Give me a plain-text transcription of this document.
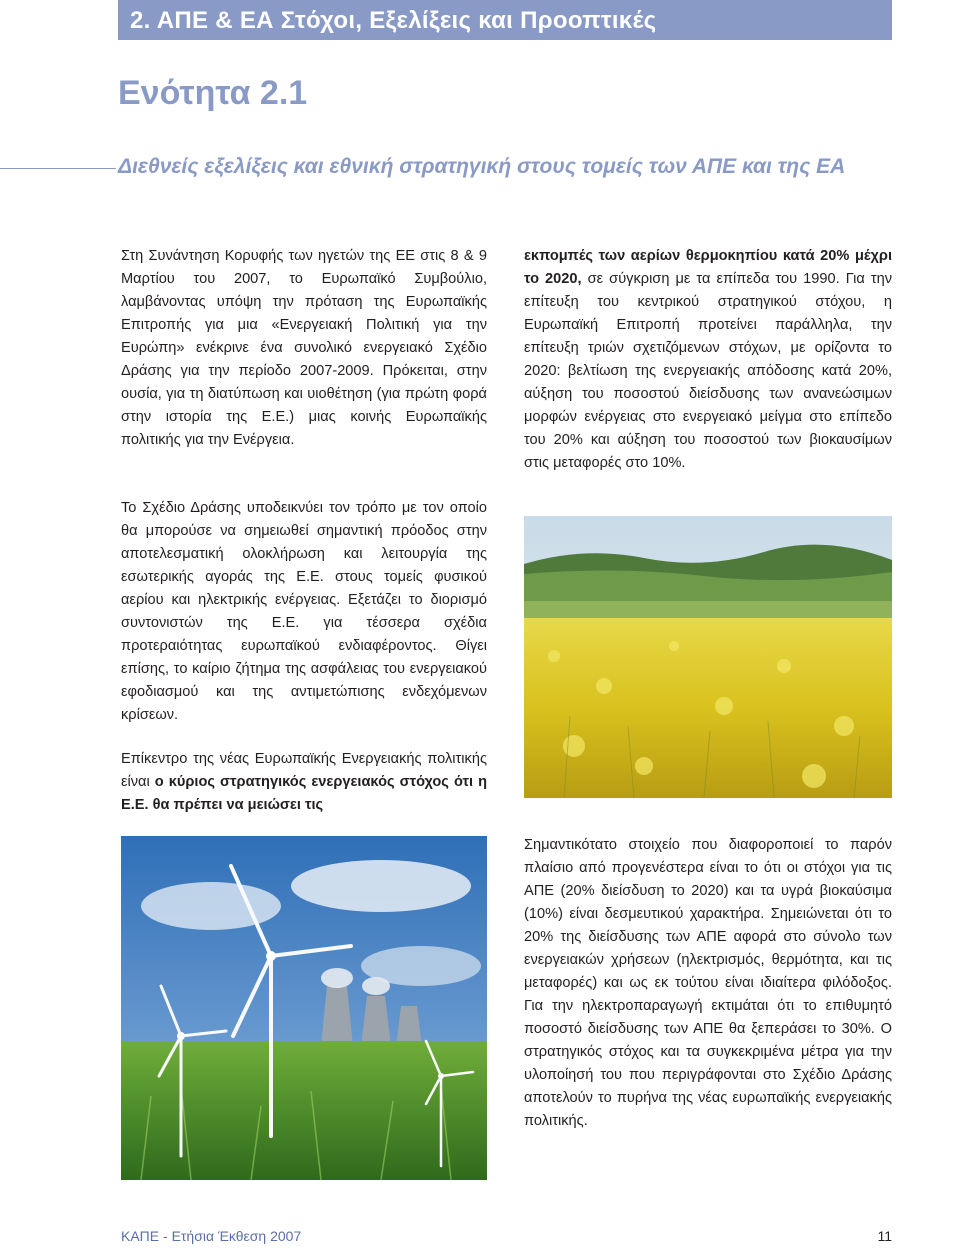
2. ΑΠΕ & ΕΑ Στόχοι, Εξελίξεις και Προοπτικές
Ενότητα 2.1
Διεθνείς εξελίξεις και εθνική στρατηγική στους τομείς των ΑΠΕ και της ΕΑ

Στη Συνάντηση Κορυφής των ηγετών της ΕΕ στις 8 & 9 Μαρτίου του 2007, το Ευρωπαϊκό Συμβούλιο, λαμβάνοντας υπόψη την πρόταση της Ευρωπαϊκής Επιτροπής για μια «Ενεργειακή Πολιτική για την Ευρώπη» ενέκρινε ένα συνολικό ενεργειακό Σχέδιο Δράσης για την περίοδο 2007-2009. Πρόκειται, στην ουσία, για τη διατύπωση και υιοθέτηση (για πρώτη φορά στην ιστορία της Ε.Ε.) μιας κοινής Ευρωπαϊκής πολιτικής για την Ενέργεια.

Το Σχέδιο Δράσης υποδεικνύει τον τρόπο με τον οποίο θα μπορούσε να σημειωθεί σημαντική πρόοδος στην αποτελεσματική ολοκλήρωση και λειτουργία της εσωτερικής αγοράς της Ε.Ε. στους τομείς φυσικού αερίου και ηλεκτρικής ενέργειας. Εξετάζει το διορισμό συντονιστών της Ε.Ε. για τέσσερα σχέδια προτεραιότητας ευρωπαϊκού ενδιαφέροντος. Θίγει επίσης, το καίριο ζήτημα της ασφάλειας του ενεργειακού εφοδιασμού και της αντιμετώπισης ενδεχόμενων κρίσεων.

Επίκεντρο της νέας Ευρωπαϊκής Ενεργειακής πολιτικής είναι ο κύριος στρατηγικός ενεργειακός στόχος ότι η Ε.Ε. θα πρέπει να μειώσει τις

εκπομπές των αερίων θερμοκηπίου κατά 20% μέχρι το 2020, σε σύγκριση με τα επίπεδα του 1990. Για την επίτευξη του κεντρικού στρατηγικού στόχου, η Ευρωπαϊκή Επιτροπή προτείνει παράλληλα, την επίτευξη τριών σχετιζόμενων στόχων, με ορίζοντα το 2020: βελτίωση της ενεργειακής απόδοσης κατά 20%, αύξηση του ποσοστού διείσδυσης των ανανεώσιμων μορφών ενέργειας στο ενεργειακό μείγμα στο επίπεδο του 20% και αύξηση του ποσοστού των βιοκαυσίμων στις μεταφορές στο 10%.

Σημαντικότατο στοιχείο που διαφοροποιεί το παρόν πλαίσιο από προγενέστερα είναι το ότι οι στόχοι για τις ΑΠΕ (20% διείσδυση το 2020) και τα υγρά βιοκαύσιμα (10%) είναι δεσμευτικού χαρακτήρα. Σημειώνεται ότι το 20% της διείσδυσης των ΑΠΕ αφορά στο σύνολο των ενεργειακών χρήσεων (ηλεκτρισμός, θερμότητα, και τις μεταφορές) και ως εκ τούτου είναι ιδιαίτερα φιλόδοξος. Για την ηλεκτροπαραγωγή εκτιμάται ότι το επιθυμητό ποσοστό διείσδυσης των ΑΠΕ θα ξεπεράσει το 30%. Ο στρατηγικός στόχος και τα συγκεκριμένα μέτρα για την υλοποίησή του που περιγράφονται στο Σχέδιο Δράσης αποτελούν το πυρήνα της νέας ευρωπαϊκής ενεργειακής πολιτικής.

ΚΑΠΕ - Ετήσια Έκθεση 2007	11
